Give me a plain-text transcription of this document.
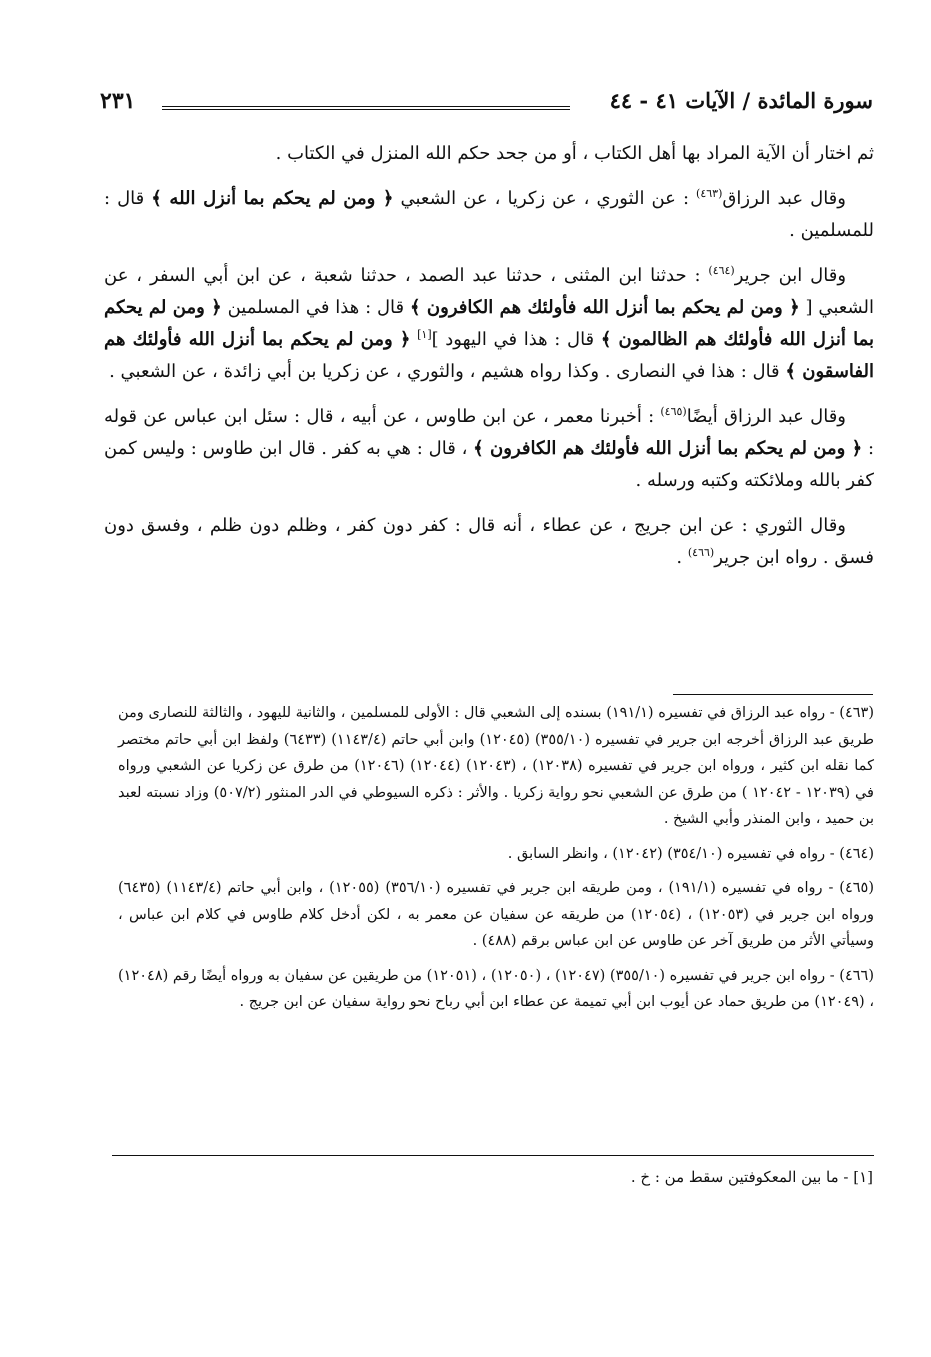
٢٣١	سورة المائدة / الآيات ٤١ - ٤٤

ثم اختار أن الآية المراد بها أهل الكتاب ، أو من جحد حكم الله المنزل في الكتاب .

وقال عبد الرزاق$^{(٤٦٣)}$ : عن الثوري ، عن زكريا ، عن الشعبي ﴿ ومن لم يحكم بما أنزل الله ﴾ قال : للمسلمين .

وقال ابن جرير$^{(٤٦٤)}$ : حدثنا ابن المثنى ، حدثنا عبد الصمد ، حدثنا شعبة ، عن ابن أبي السفر ، عن الشعبي [ ﴿ ومن لم يحكم بما أنزل الله فأولئك هم الكافرون ﴾ قال : هذا في المسلمين ﴿ ومن لم يحكم بما أنزل الله فأولئك هم الظالمون ﴾ قال : هذا في اليهود ][١] ﴿ ومن لم يحكم بما أنزل الله فأولئك هم الفاسقون ﴾ قال : هذا في النصارى . وكذا رواه هشيم ، والثوري ، عن زكريا بن أبي زائدة ، عن الشعبي .

وقال عبد الرزاق أيضًا$^{(٤٦٥)}$ : أخبرنا معمر ، عن ابن طاوس ، عن أبيه ، قال : سئل ابن عباس عن قوله : ﴿ ومن لم يحكم بما أنزل الله فأولئك هم الكافرون ﴾ ، قال : هي به كفر . قال ابن طاوس : وليس كمن كفر بالله وملائكته وكتبه ورسله .

وقال الثوري : عن ابن جريج ، عن عطاء ، أنه قال : كفر دون كفر ، وظلم دون ظلم ، وفسق دون فسق . رواه ابن جرير$^{(٤٦٦)}$ .

(٤٦٣) - رواه عبد الرزاق في تفسيره (١٩١/١) بسنده إلى الشعبي قال : الأولى للمسلمين ، والثانية لليهود ، والثالثة للنصارى ومن طريق عبد الرزاق أخرجه ابن جرير في تفسيره (٣٥٥/١٠) (١٢٠٤٥) وابن أبي حاتم (١١٤٣/٤) (٦٤٣٣) ولفظ ابن أبي حاتم مختصر كما نقله ابن كثير ، ورواه ابن جرير في تفسيره (١٢٠٣٨) ، (١٢٠٤٣) (١٢٠٤٤) (١٢٠٤٦) من طرق عن زكريا عن الشعبي ورواه في (١٢٠٣٩ - ١٢٠٤٢ ) من طرق عن الشعبي نحو رواية زكريا . والأثر : ذكره السيوطي في الدر المنثور (٥٠٧/٢) وزاد نسبته لعبد بن حميد ، وابن المنذر وأبي الشيخ .

(٤٦٤) - رواه في تفسيره (٣٥٤/١٠) (١٢٠٤٢) ، وانظر السابق .

(٤٦٥) - رواه في تفسيره (١٩١/١) ، ومن طريقه ابن جرير في تفسيره (٣٥٦/١٠) (١٢٠٥٥) ، وابن أبي حاتم (١١٤٣/٤) (٦٤٣٥) ورواه ابن جرير في (١٢٠٥٣) ، (١٢٠٥٤) من طريقه عن سفيان عن معمر به ، لكن أدخل كلام طاوس في كلام ابن عباس ، وسيأتي الأثر من طريق آخر عن طاوس عن ابن عباس برقم (٤٨٨) .

(٤٦٦) - رواه ابن جرير في تفسيره (٣٥٥/١٠) (١٢٠٤٧) ، (١٢٠٥٠) ، (١٢٠٥١) من طريقين عن سفيان به ورواه أيضًا رقم (١٢٠٤٨) ، (١٢٠٤٩) من طريق حماد عن أيوب ابن أبي تميمة عن عطاء ابن أبي رباح نحو رواية سفيان عن ابن جريج .

[١] - ما بين المعكوفتين سقط من : خ .
